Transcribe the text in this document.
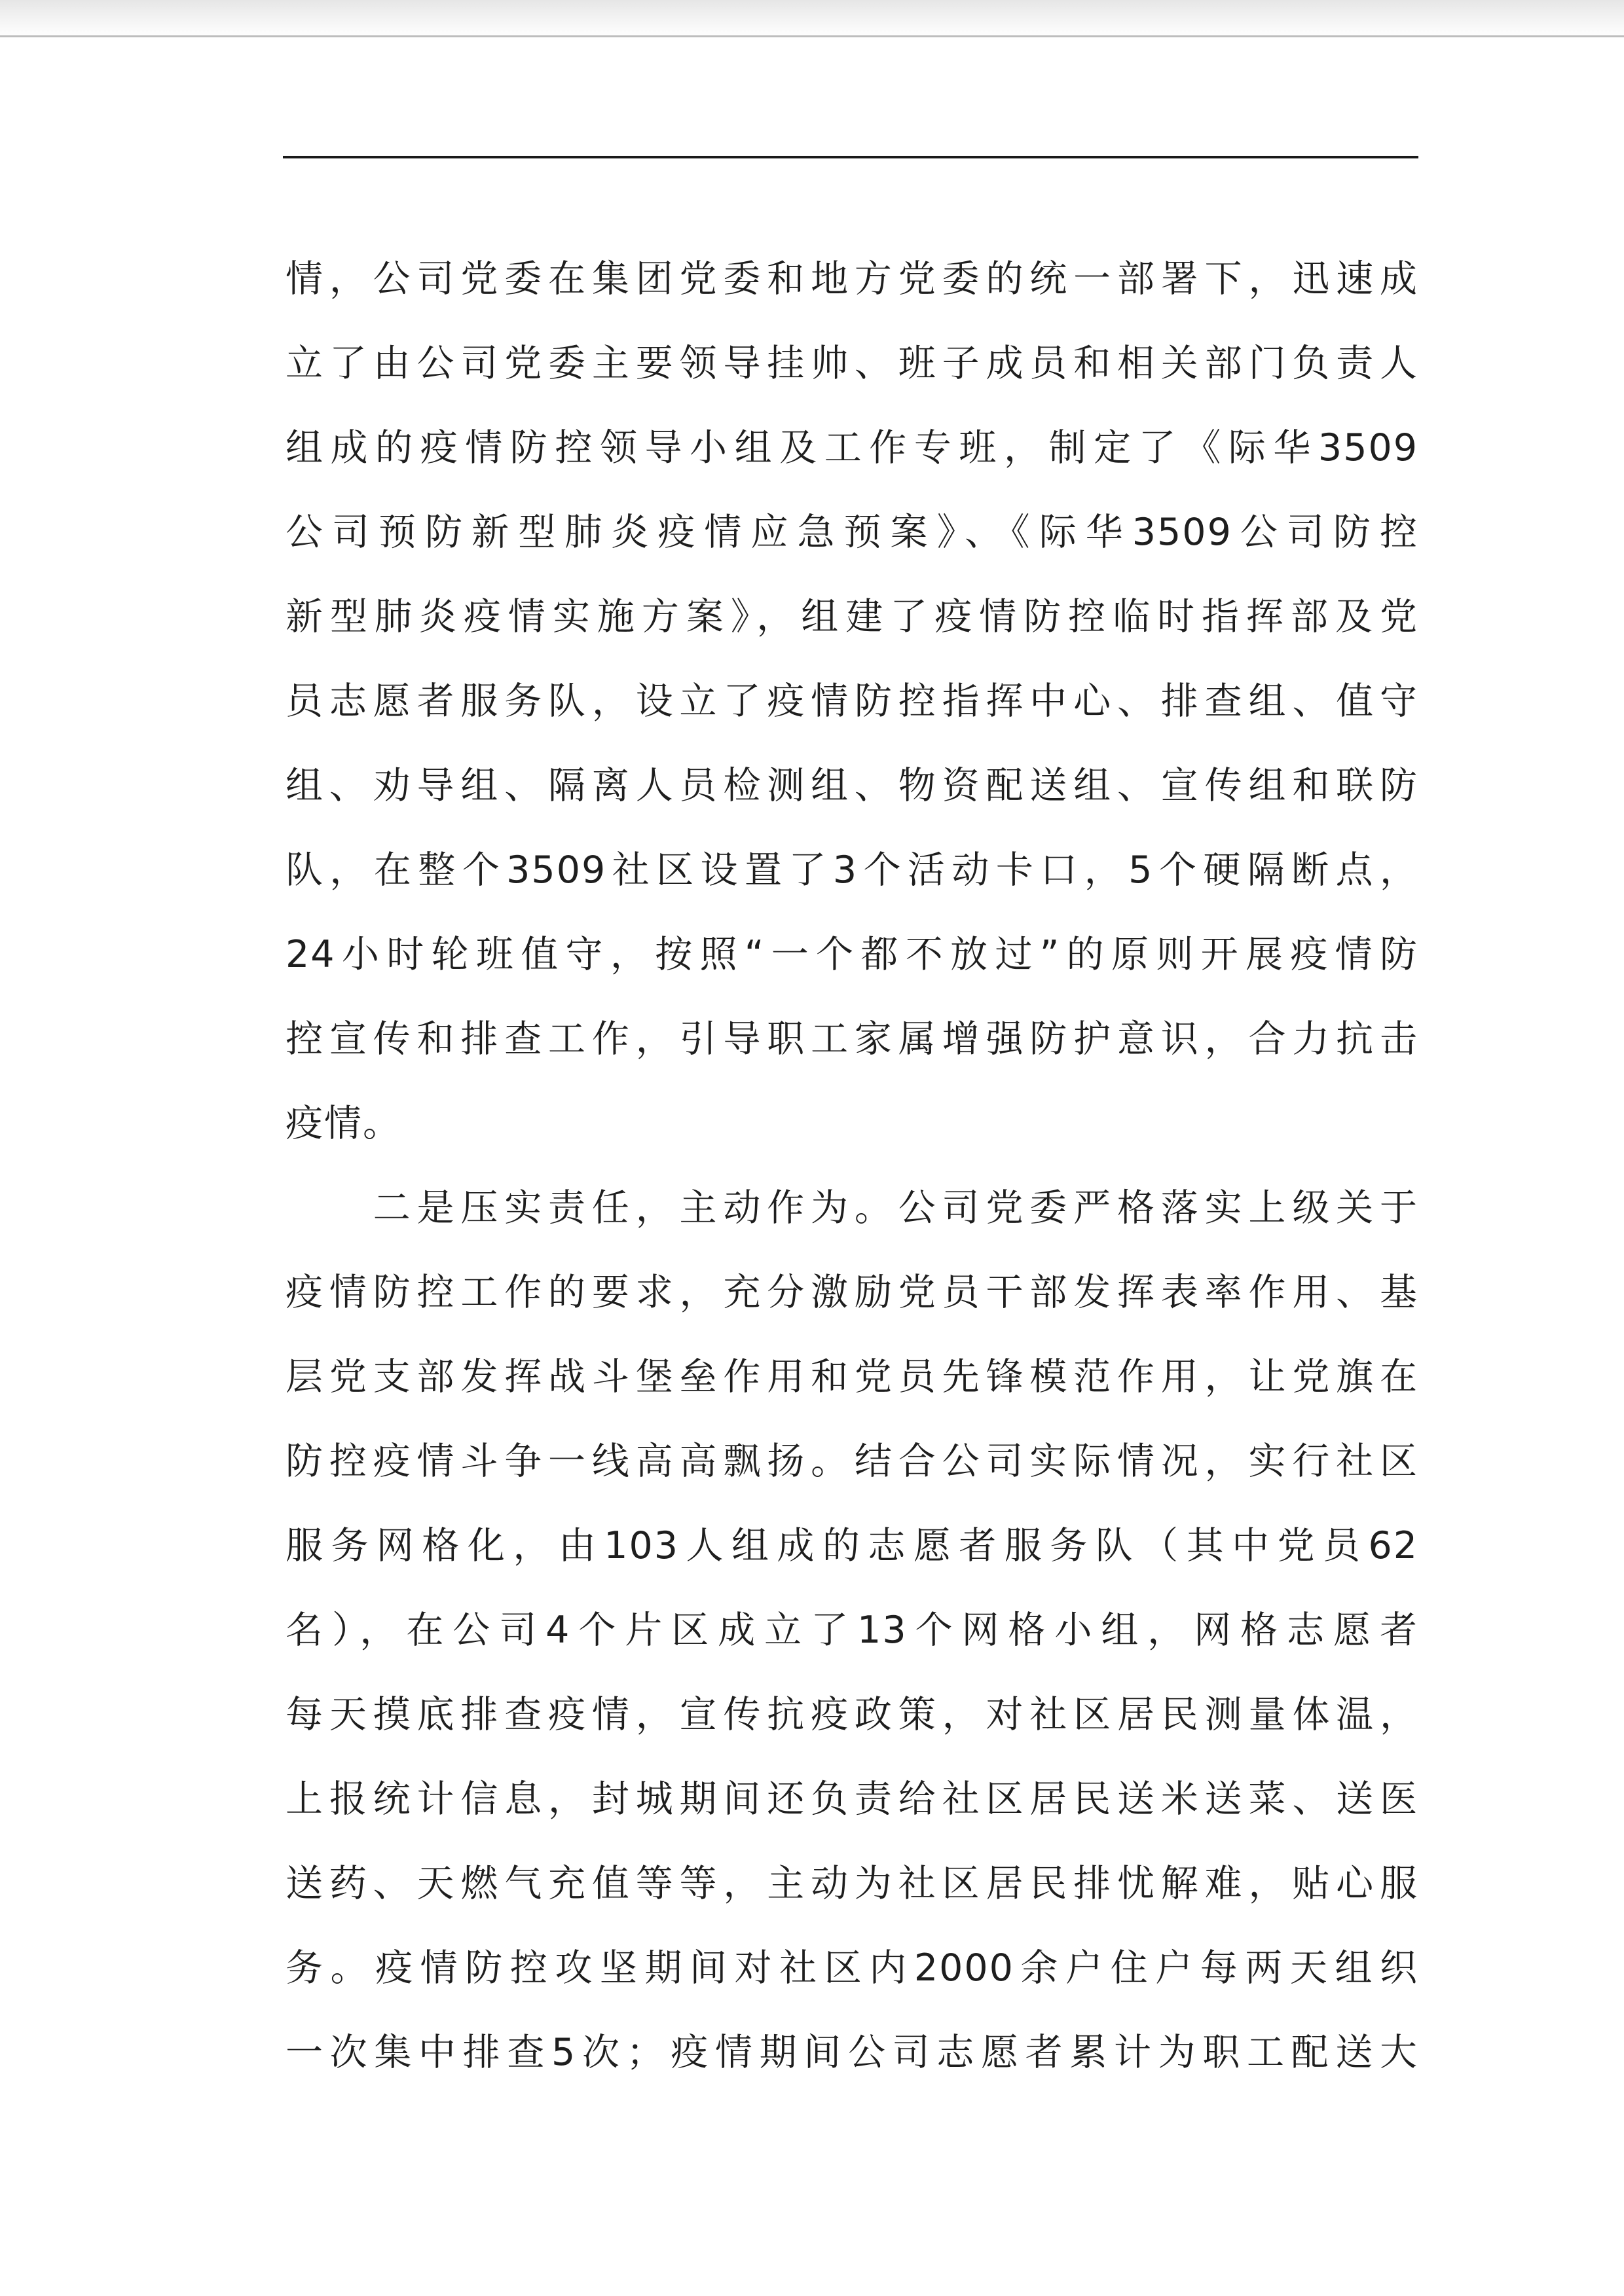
情，公司党委在集团党委和地方党委的统一部署下，迅速成
立了由公司党委主要领导挂帅、班子成员和相关部门负责人
组成的疫情防控领导小组及工作专班，制定了《际华3509
公司预防新型肺炎疫情应急预案》、《际华3509公司防控
新型肺炎疫情实施方案》，组建了疫情防控临时指挥部及党
员志愿者服务队，设立了疫情防控指挥中心、排查组、值守
组、劝导组、隔离人员检测组、物资配送组、宣传组和联防
队，在整个3509社区设置了3个活动卡口，5个硬隔断点，
24小时轮班值守，按照“一个都不放过”的原则开展疫情防
控宣传和排查工作，引导职工家属增强防护意识，合力抗击
疫情。
　　二是压实责任，主动作为。公司党委严格落实上级关于
疫情防控工作的要求，充分激励党员干部发挥表率作用、基
层党支部发挥战斗堡垒作用和党员先锋模范作用，让党旗在
防控疫情斗争一线高高飘扬。结合公司实际情况，实行社区
服务网格化，由103人组成的志愿者服务队（其中党员62
名），在公司4个片区成立了13个网格小组，网格志愿者
每天摸底排查疫情，宣传抗疫政策，对社区居民测量体温，
上报统计信息，封城期间还负责给社区居民送米送菜、送医
送药、天燃气充值等等，主动为社区居民排忧解难，贴心服
务。疫情防控攻坚期间对社区内2000余户住户每两天组织
一次集中排查5次；疫情期间公司志愿者累计为职工配送大
